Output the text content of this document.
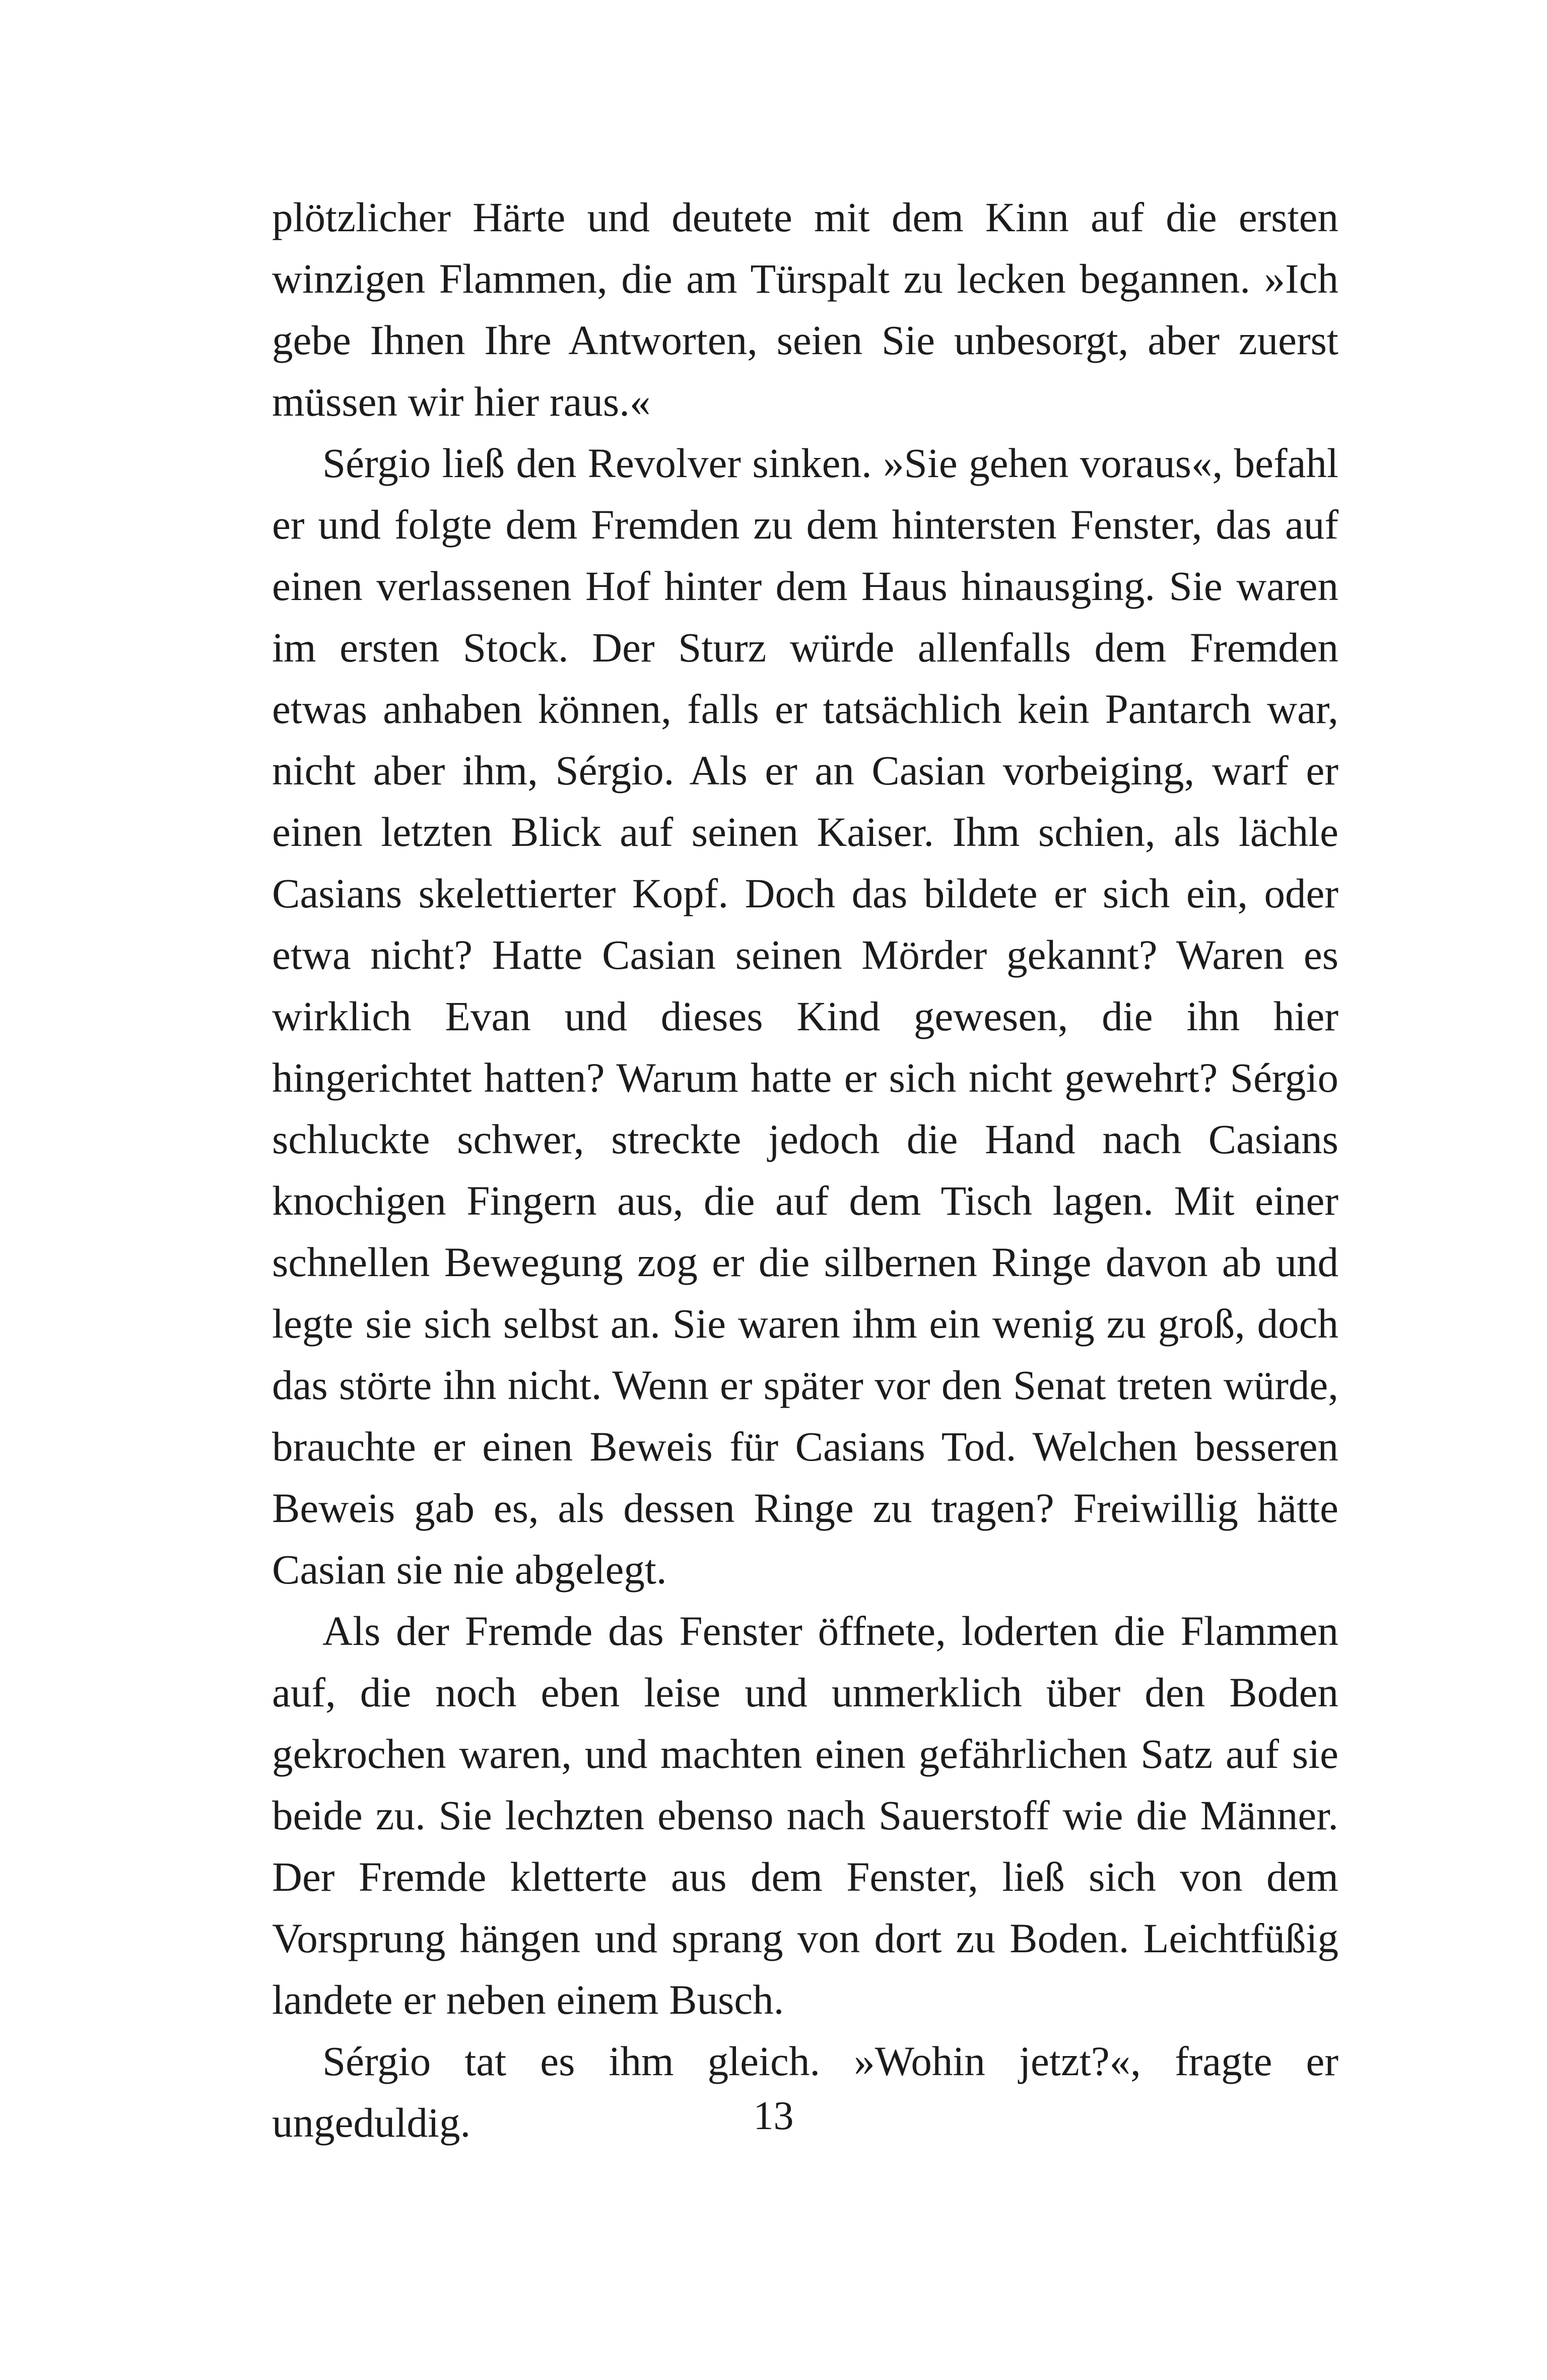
plötzlicher Härte und deutete mit dem Kinn auf die ersten winzigen Flammen, die am Türspalt zu lecken begannen. »Ich gebe Ihnen Ihre Antworten, seien Sie unbesorgt, aber zuerst müssen wir hier raus.«

Sérgio ließ den Revolver sinken. »Sie gehen voraus«, befahl er und folgte dem Fremden zu dem hintersten Fenster, das auf einen verlassenen Hof hinter dem Haus hinausging. Sie waren im ersten Stock. Der Sturz würde allenfalls dem Fremden etwas anhaben können, falls er tatsächlich kein Pantarch war, nicht aber ihm, Sérgio. Als er an Casian vorbeiging, warf er einen letzten Blick auf seinen Kaiser. Ihm schien, als lächle Casians skelettierter Kopf. Doch das bildete er sich ein, oder etwa nicht? Hatte Casian seinen Mörder gekannt? Waren es wirklich Evan und dieses Kind gewesen, die ihn hier hingerichtet hatten? Warum hatte er sich nicht gewehrt? Sérgio schluckte schwer, streckte jedoch die Hand nach Casians knochigen Fingern aus, die auf dem Tisch lagen. Mit einer schnellen Bewegung zog er die silbernen Ringe davon ab und legte sie sich selbst an. Sie waren ihm ein wenig zu groß, doch das störte ihn nicht. Wenn er später vor den Senat treten würde, brauchte er einen Beweis für Casians Tod. Welchen besseren Beweis gab es, als dessen Ringe zu tragen? Freiwillig hätte Casian sie nie abgelegt.

Als der Fremde das Fenster öffnete, loderten die Flammen auf, die noch eben leise und unmerklich über den Boden gekrochen waren, und machten einen gefährlichen Satz auf sie beide zu. Sie lechzten ebenso nach Sauerstoff wie die Männer. Der Fremde kletterte aus dem Fenster, ließ sich von dem Vorsprung hängen und sprang von dort zu Boden. Leichtfüßig landete er neben einem Busch.

Sérgio tat es ihm gleich. »Wohin jetzt?«, fragte er ungeduldig.	13
